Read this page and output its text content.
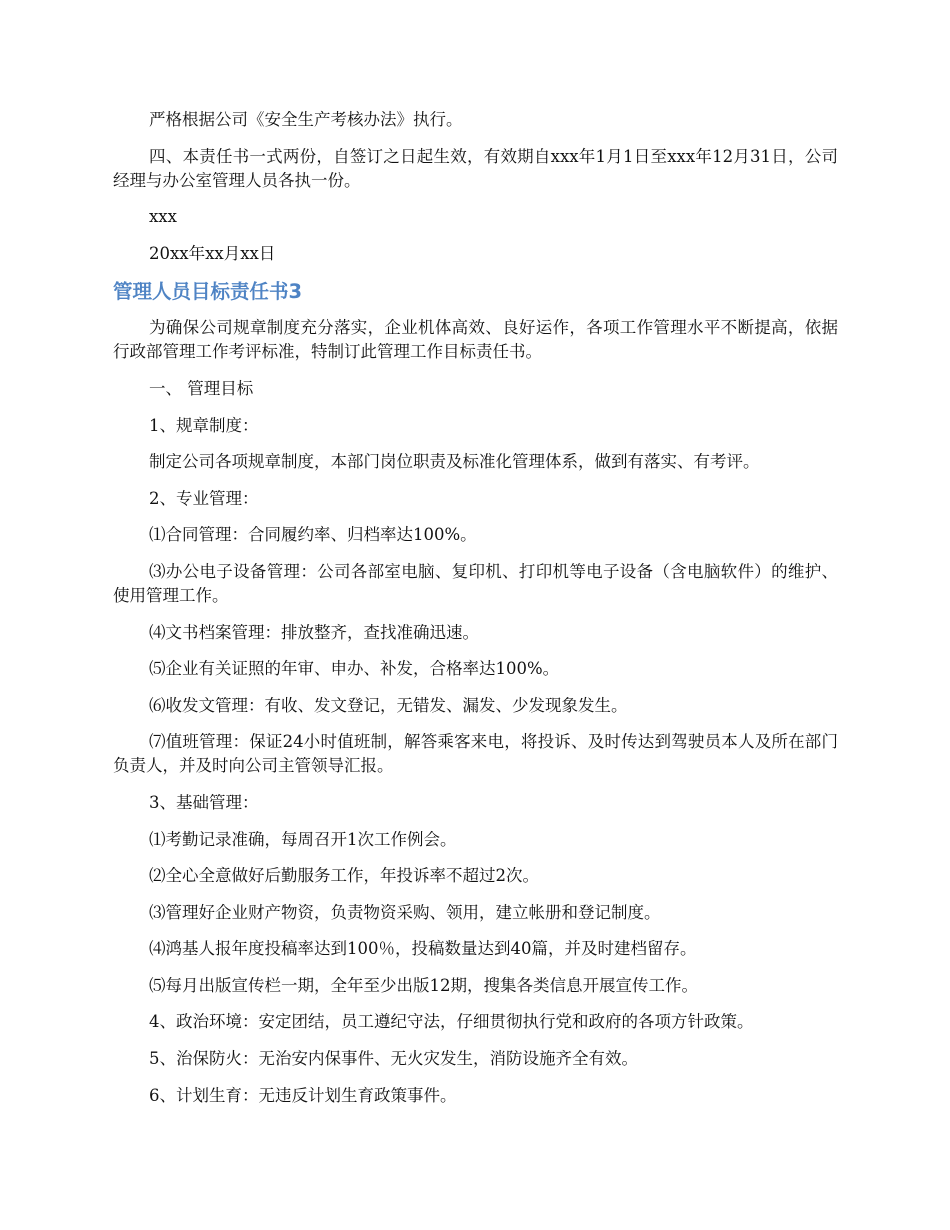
严格根据公司《安全生产考核办法》执行。

四、本责任书一式两份，自签订之日起生效，有效期自xxx年1月1日至xxx年12月31日，公司经理与办公室管理人员各执一份。

xxx

20xx年xx月xx日

管理人员目标责任书3

为确保公司规章制度充分落实，企业机体高效、良好运作，各项工作管理水平不断提高，依据行政部管理工作考评标准，特制订此管理工作目标责任书。

一、 管理目标

1、规章制度：

制定公司各项规章制度，本部门岗位职责及标准化管理体系，做到有落实、有考评。

2、专业管理：

⑴合同管理：合同履约率、归档率达100%。

⑶办公电子设备管理：公司各部室电脑、复印机、打印机等电子设备（含电脑软件）的维护、使用管理工作。

⑷文书档案管理：排放整齐，查找准确迅速。

⑸企业有关证照的年审、申办、补发，合格率达100%。

⑹收发文管理：有收、发文登记，无错发、漏发、少发现象发生。

⑺值班管理：保证24小时值班制，解答乘客来电，将投诉、及时传达到驾驶员本人及所在部门负责人，并及时向公司主管领导汇报。

3、基础管理：

⑴考勤记录准确，每周召开1次工作例会。

⑵全心全意做好后勤服务工作，年投诉率不超过2次。

⑶管理好企业财产物资，负责物资采购、领用，建立帐册和登记制度。

⑷鸿基人报年度投稿率达到100％，投稿数量达到40篇，并及时建档留存。

⑸每月出版宣传栏一期，全年至少出版12期，搜集各类信息开展宣传工作。

4、政治环境：安定团结，员工遵纪守法，仔细贯彻执行党和政府的各项方针政策。

5、治保防火：无治安内保事件、无火灾发生，消防设施齐全有效。

6、计划生育：无违反计划生育政策事件。
